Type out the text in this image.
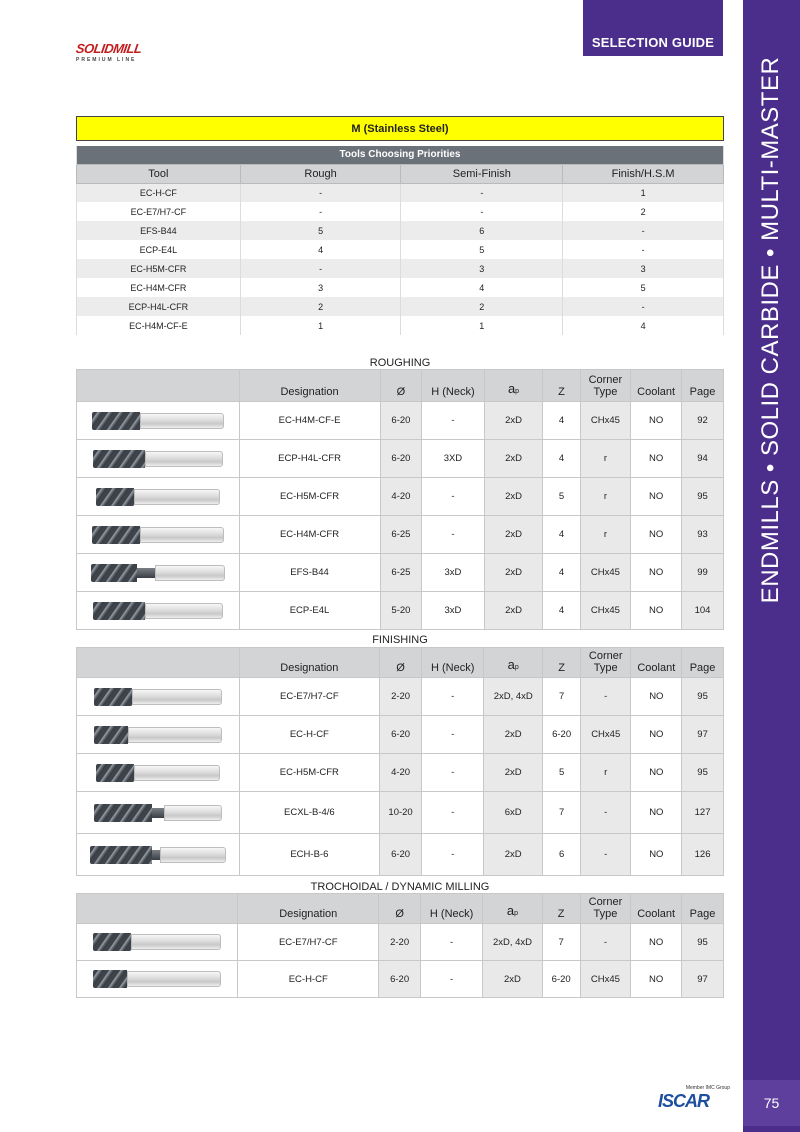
SELECTION GUIDE
SOLIDMILL
PREMIUM LINE	ENDMILLS • SOLID CARBIDE • MULTI-MASTER
75
M (Stainless Steel)
Tools Choosing Priorities			
Tool	Rough	Semi-Finish	Finish/H.S.M
EC-H-CF	-	-	1
EC-E7/H7-CF	-	-	2
EFS-B44	5	6	-
ECP-E4L	4	5	-
EC-H5M-CFR	-	3	3
EC-H4M-CFR	3	4	5
ECP-H4L-CFR	2	2	-
EC-H4M-CF-E	1	1	4
ROUGHING
FINISHING
TROCHOIDAL / DYNAMIC MILLING
	Designation	Ø	H (Neck)	ap	Z	Corner
Type	Coolant	Page

	EC-H4M-CF-E	6-20	-	2xD	4	CHx45	NO	92

	ECP-H4L-CFR	6-20	3XD	2xD	4	r	NO	94

	EC-H5M-CFR	4-20	-	2xD	5	r	NO	95

	EC-H4M-CFR	6-25	-	2xD	4	r	NO	93

	EFS-B44	6-25	3xD	2xD	4	CHx45	NO	99

	ECP-E4L	5-20	3xD	2xD	4	CHx45	NO	104
	Designation	Ø	H (Neck)	ap	Z	Corner
Type	Coolant	Page

	EC-E7/H7-CF	2-20	-	2xD, 4xD	7	-	NO	95

	EC-H-CF	6-20	-	2xD	6-20	CHx45	NO	97

	EC-H5M-CFR	4-20	-	2xD	5	r	NO	95

	ECXL-B-4/6	10-20	-	6xD	7	-	NO	127

	ECH-B-6	6-20	-	2xD	6	-	NO	126
	Designation	Ø	H (Neck)	ap	Z	Corner
Type	Coolant	Page

	EC-E7/H7-CF	2-20	-	2xD, 4xD	7	-	NO	95

	EC-H-CF	6-20	-	2xD	6-20	CHx45	NO	97
Member IMC Group
ISCAR
